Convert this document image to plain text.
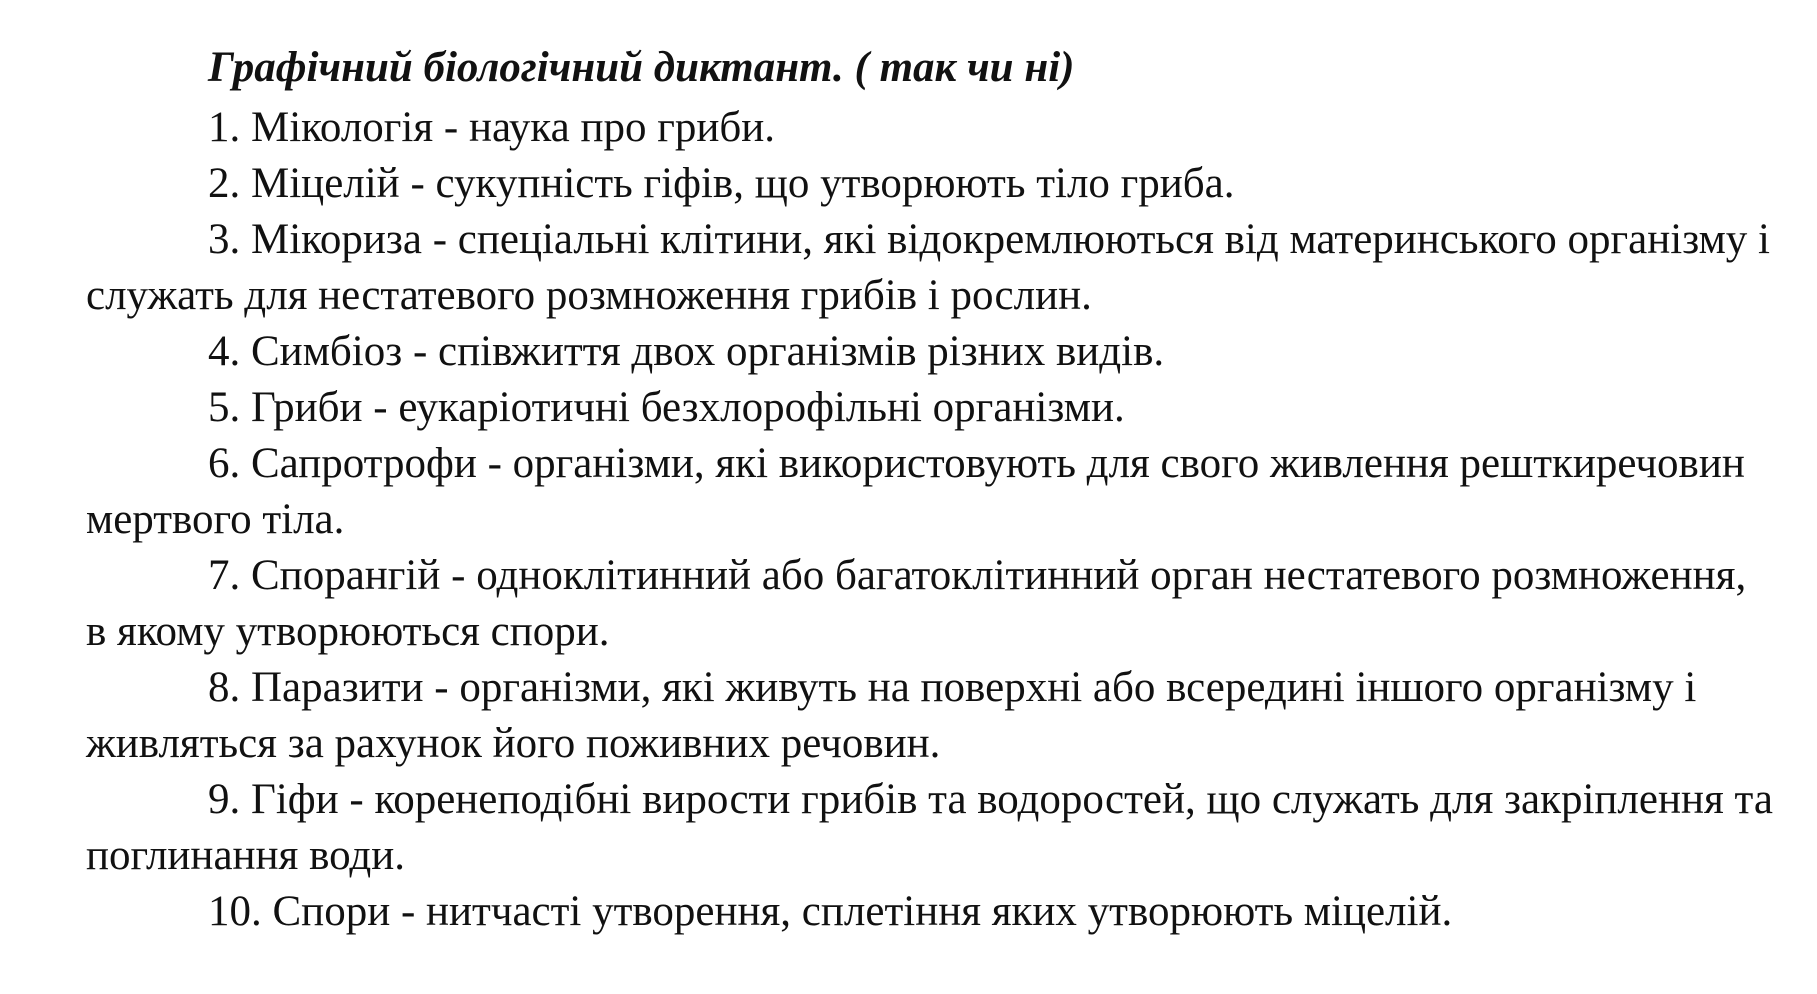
Графічний біологічний диктант. ( так чи ні)

1. Мікологія - наука про гриби.

2. Міцелій - сукупність гіфів, що утворюють тіло гриба.

3. Мікориза - спеціальні клітини, які відокремлюються від материнського організму і служать для нестатевого розмноження грибів і рослин.

4. Симбіоз - співжиття двох організмів різних видів.

5. Гриби - еукаріотичні безхлорофільні організми.

6. Сапротрофи - організми, які використовують для свого живлення решткиречовин мертвого тіла.

7. Спорангій - одноклітинний або багатоклітинний орган нестатевого розмноження, в якому утворюються спори.

8. Паразити - організми, які живуть на поверхні або всередині іншого організму і живляться за рахунок його поживних речовин.

9. Гіфи - коренеподібні вирости грибів та водоростей, що служать для закріплення та поглинання води.

10. Спори - нитчасті утворення, сплетіння яких утворюють міцелій.
